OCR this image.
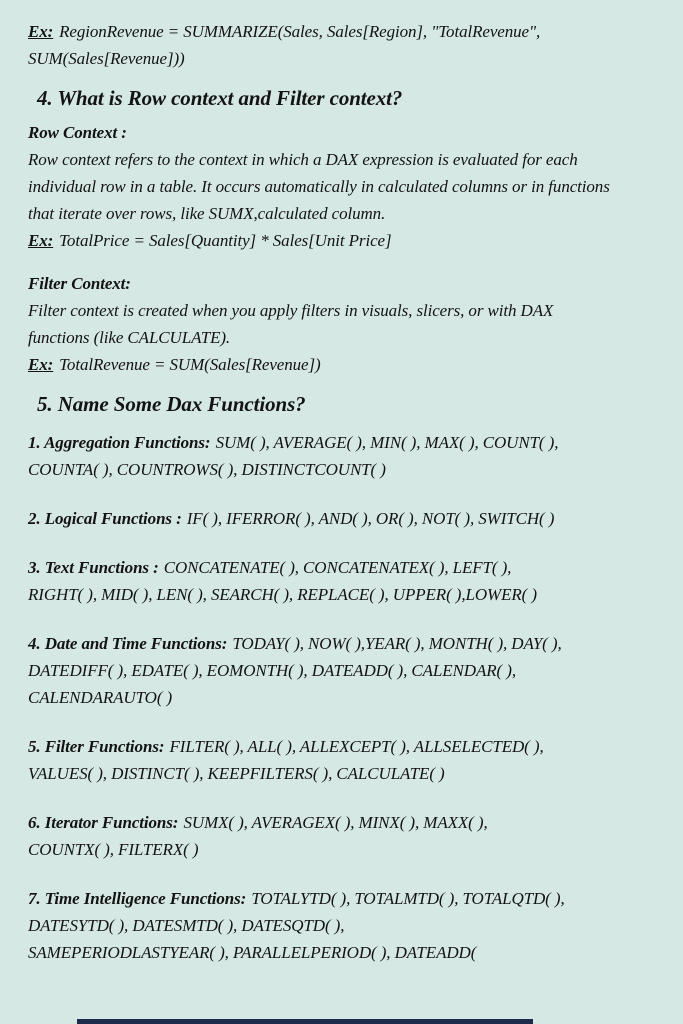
Ex: RegionRevenue = SUMMARIZE(Sales, Sales[Region], "TotalRevenue",
SUM(Sales[Revenue]))

4. What is Row context and Filter context?

Row Context :

Row context refers to the context in which a DAX expression is evaluated for each
individual row in a table. It occurs automatically in calculated columns or in functions
that iterate over rows, like SUMX,calculated column.

Ex: TotalPrice = Sales[Quantity] * Sales[Unit Price]

Filter Context:

Filter context is created when you apply filters in visuals, slicers, or with DAX
functions (like CALCULATE).

Ex: TotalRevenue = SUM(Sales[Revenue])

5. Name Some Dax Functions?

1. Aggregation Functions: SUM( ), AVERAGE( ), MIN( ), MAX( ), COUNT( ),
COUNTA( ), COUNTROWS( ), DISTINCTCOUNT( )

2. Logical Functions : IF( ), IFERROR( ), AND( ), OR( ), NOT( ), SWITCH( )

3. Text Functions : CONCATENATE( ), CONCATENATEX( ), LEFT( ),
RIGHT( ), MID( ), LEN( ), SEARCH( ), REPLACE( ), UPPER( ),LOWER( )

4. Date and Time Functions: TODAY( ), NOW( ),YEAR( ), MONTH( ), DAY( ),
DATEDIFF( ), EDATE( ), EOMONTH( ), DATEADD( ), CALENDAR( ),
CALENDARAUTO( )

5. Filter Functions: FILTER( ), ALL( ), ALLEXCEPT( ), ALLSELECTED( ),
VALUES( ), DISTINCT( ), KEEPFILTERS( ), CALCULATE( )

6. Iterator Functions: SUMX( ), AVERAGEX( ), MINX( ), MAXX( ),
COUNTX( ), FILTERX( )

7. Time Intelligence Functions: TOTALYTD( ), TOTALMTD( ), TOTALQTD( ),
DATESYTD( ), DATESMTD( ), DATESQTD( ),
SAMEPERIODLASTYEAR( ), PARALLELPERIOD( ), DATEADD(
